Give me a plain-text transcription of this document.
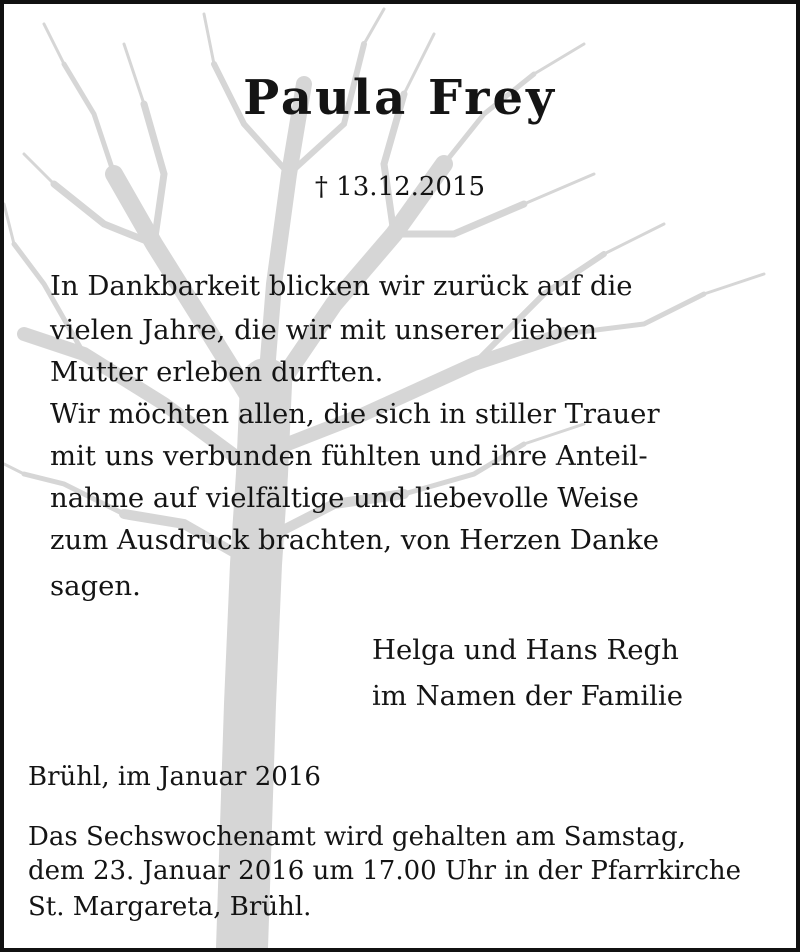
Paula Frey

† 13.12.2015

In Dankbarkeit blicken wir zurück auf die

vielen Jahre, die wir mit unserer lieben

Mutter erleben durften.

Wir möchten allen, die sich in stiller Trauer

mit uns verbunden fühlten und ihre Anteil-

nahme auf vielfältige und liebevolle Weise

zum Ausdruck brachten, von Herzen Danke

sagen.

Helga und Hans Regh

im Namen der Familie

Brühl, im Januar 2016

Das Sechswochenamt wird gehalten am Samstag,

dem 23. Januar 2016 um 17.00 Uhr in der Pfarrkirche

St. Margareta, Brühl.
